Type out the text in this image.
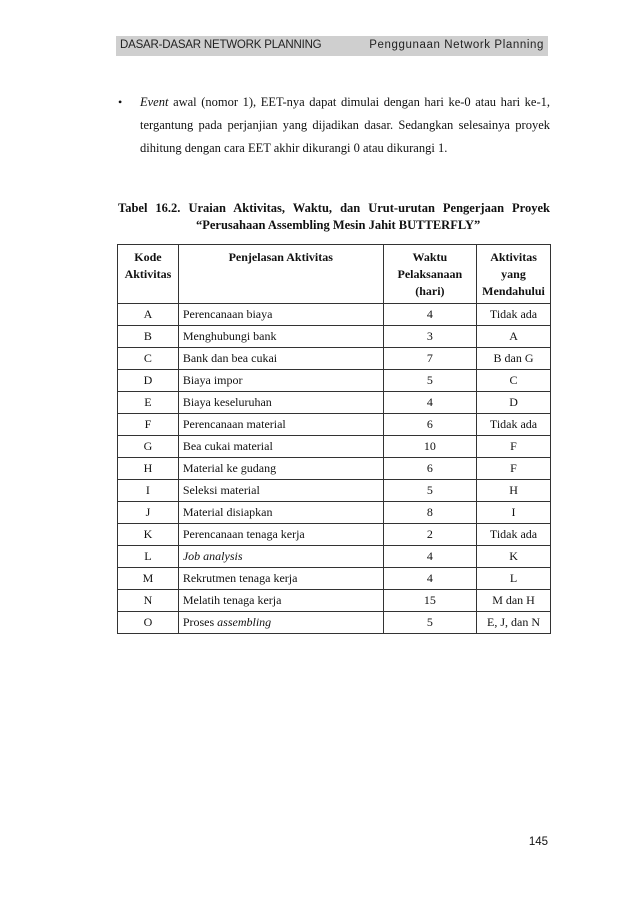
DASAR-DASAR NETWORK PLANNING	Penggunaan Network Planning
• Event awal (nomor 1), EET-nya dapat dimulai dengan hari ke-0 atau hari ke-1, tergantung pada perjanjian yang dijadikan dasar. Sedangkan selesainya proyek dihitung dengan cara EET akhir dikurangi 0 atau dikurangi 1.
Tabel 16.2. Uraian Aktivitas, Waktu, dan Urut-urutan Pengerjaan Proyek
“Perusahaan Assembling Mesin Jahit BUTTERFLY”
Kode Aktivitas	Penjelasan Aktivitas	Waktu Pelaksanaan (hari)	Aktivitas yang Mendahului
A	Perencanaan biaya	4	Tidak ada
B	Menghubungi bank	3	A
C	Bank dan bea cukai	7	B dan G
D	Biaya impor	5	C
E	Biaya keseluruhan	4	D
F	Perencanaan material	6	Tidak ada
G	Bea cukai material	10	F
H	Material ke gudang	6	F
I	Seleksi material	5	H
J	Material disiapkan	8	I
K	Perencanaan tenaga kerja	2	Tidak ada
L	Job analysis	4	K
M	Rekrutmen tenaga kerja	4	L
N	Melatih tenaga kerja	15	M dan H
O	Proses assembling	5	E, J, dan N
145
